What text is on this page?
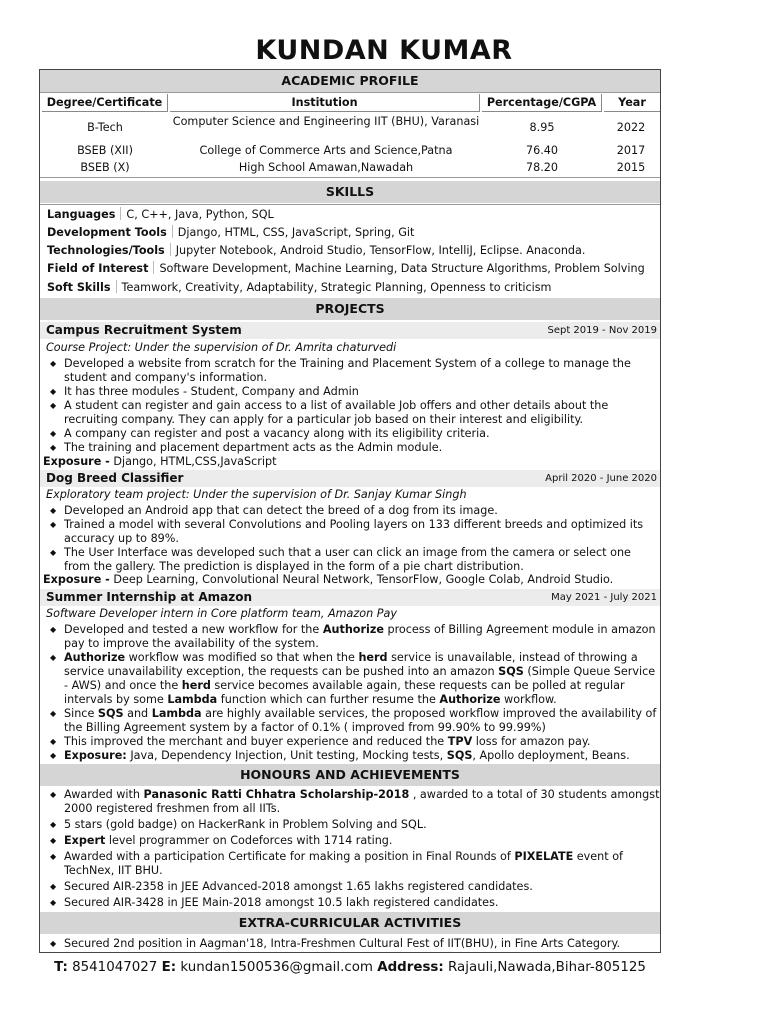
KUNDAN KUMAR
ACADEMIC PROFILE
Degree/Certificate	Institution	Percentage/CGPA	Year
B-Tech	Computer Science and Engineering IIT (BHU), Varanasi	8.95	2022
BSEB (XII)	College of Commerce Arts and Science,Patna	76.40	2017
BSEB (X)	High School Amawan,Nawadah	78.20	2015
SKILLS
Languages C, C++, Java, Python, SQL
Development Tools Django, HTML, CSS, JavaScript, Spring, Git
Technologies/Tools Jupyter Notebook, Android Studio, TensorFlow, IntelliJ, Eclipse. Anaconda.
Field of Interest Software Development, Machine Learning, Data Structure Algorithms, Problem Solving
Soft Skills Teamwork, Creativity, Adaptability, Strategic Planning, Openness to criticism
PROJECTS
Campus Recruitment System	Sept 2019 - Nov 2019
Course Project: Under the supervision of Dr. Amrita chaturvedi
◆ Developed a website from scratch for the Training and Placement System of a college to manage the student and company's information.
◆ It has three modules - Student, Company and Admin
◆ A student can register and gain access to a list of available Job offers and other details about the recruiting company. They can apply for a particular job based on their interest and eligibility.
◆ A company can register and post a vacancy along with its eligibility criteria.
◆ The training and placement department acts as the Admin module.
Exposure - Django, HTML,CSS,JavaScript
Dog Breed Classifier	April 2020 - June 2020
Exploratory team project: Under the supervision of Dr. Sanjay Kumar Singh
◆ Developed an Android app that can detect the breed of a dog from its image.
◆ Trained a model with several Convolutions and Pooling layers on 133 different breeds and optimized its accuracy up to 89%.
◆ The User Interface was developed such that a user can click an image from the camera or select one from the gallery. The prediction is displayed in the form of a pie chart distribution.
Exposure - Deep Learning, Convolutional Neural Network, TensorFlow, Google Colab, Android Studio.
Summer Internship at Amazon	May 2021 - July 2021
Software Developer intern in Core platform team, Amazon Pay
◆ Developed and tested a new workflow for the Authorize process of Billing Agreement module in amazon pay to improve the availability of the system.
◆ Authorize workflow was modified so that when the herd service is unavailable, instead of throwing a service unavailability exception, the requests can be pushed into an amazon SQS (Simple Queue Service - AWS) and once the herd service becomes available again, these requests can be polled at regular intervals by some Lambda function which can further resume the Authorize workflow.
◆ Since SQS and Lambda are highly available services, the proposed workflow improved the availability of the Billing Agreement system by a factor of 0.1% ( improved from 99.90% to 99.99%)
◆ This improved the merchant and buyer experience and reduced the TPV loss for amazon pay.
◆ Exposure: Java, Dependency Injection, Unit testing, Mocking tests, SQS, Apollo deployment, Beans.
HONOURS AND ACHIEVEMENTS
◆ Awarded with Panasonic Ratti Chhatra Scholarship-2018 , awarded to a total of 30 students amongst 2000 registered freshmen from all IITs.
◆ 5 stars (gold badge) on HackerRank in Problem Solving and SQL.
◆ Expert level programmer on Codeforces with 1714 rating.
◆ Awarded with a participation Certificate for making a position in Final Rounds of PIXELATE event of TechNex, IIT BHU.
◆ Secured AIR-2358 in JEE Advanced-2018 amongst 1.65 lakhs registered candidates.
◆ Secured AIR-3428 in JEE Main-2018 amongst 10.5 lakh registered candidates.
EXTRA-CURRICULAR ACTIVITIES
◆ Secured 2nd position in Aagman'18, Intra-Freshmen Cultural Fest of IIT(BHU), in Fine Arts Category.
T: 8541047027 E: kundan1500536@gmail.com Address: Rajauli,Nawada,Bihar-805125
